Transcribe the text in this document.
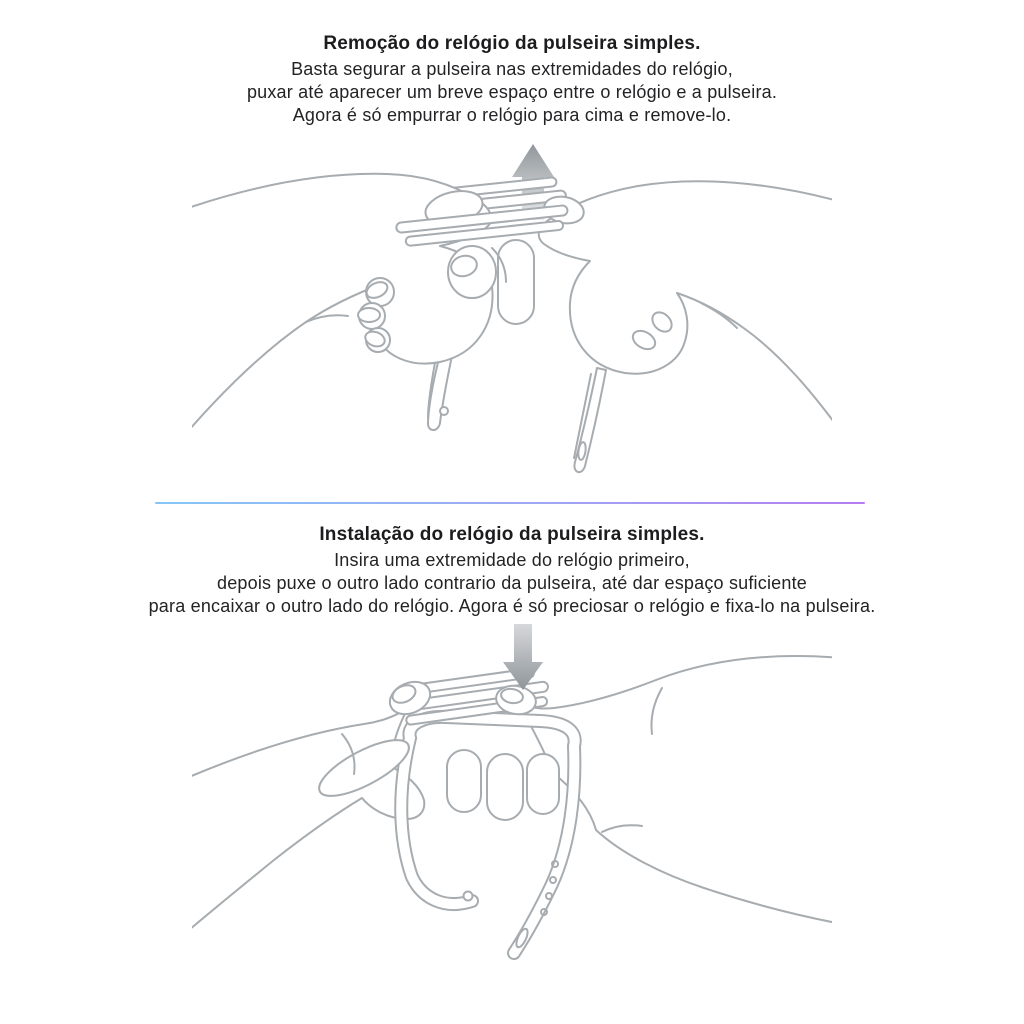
Remoção do relógio da pulseira simples.

Basta segurar a pulseira nas extremidades do relógio,

puxar até aparecer um breve espaço entre o relógio e a pulseira.

Agora é só empurrar o relógio para cima e remove-lo.

Instalação do relógio da pulseira simples.

Insira uma extremidade do relógio primeiro,

depois puxe o outro lado contrario da pulseira, até dar espaço suficiente

para encaixar o outro lado do relógio. Agora é só preciosar o relógio e fixa-lo na pulseira.
